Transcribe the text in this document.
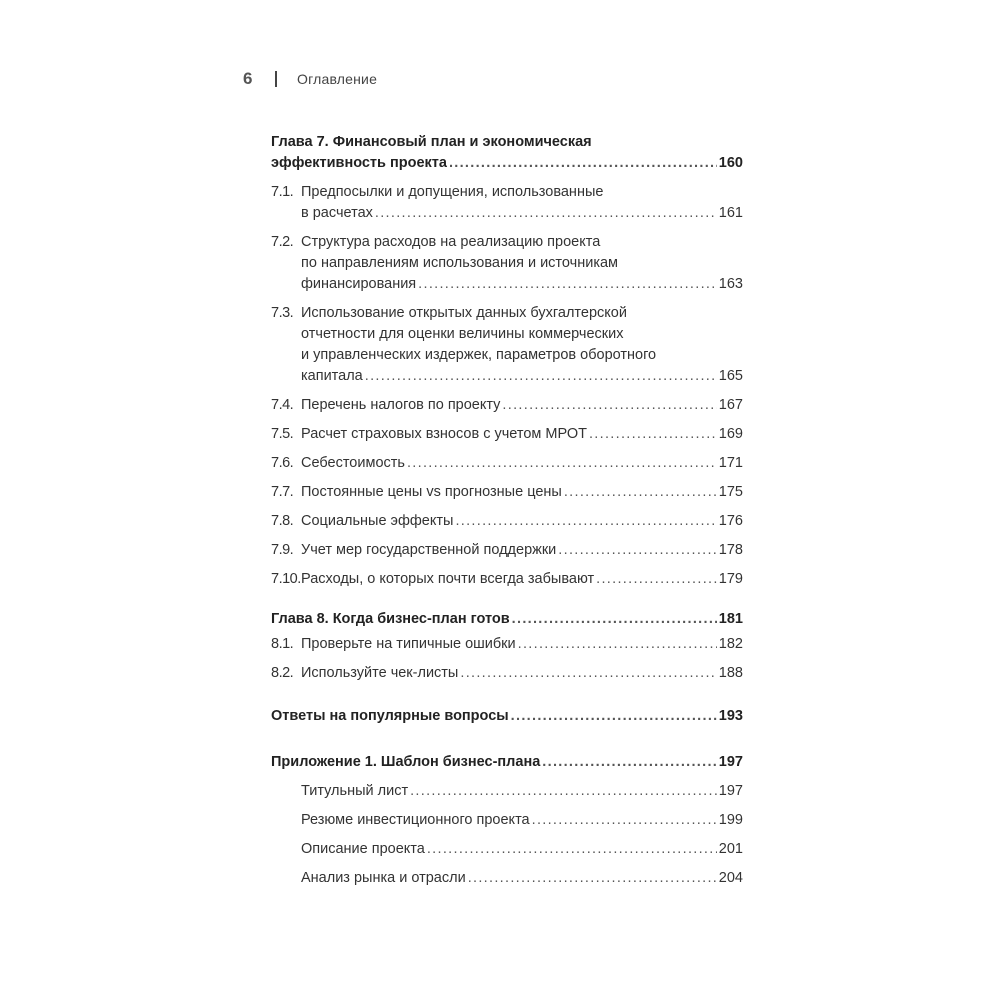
6	Оглавление
Глава 7. Финансовый план и экономическая
эффективность проекта .....	160
7.1. Предпосылки и допущения, использованные
в расчетах .....	161
7.2. Структура расходов на реализацию проекта
по направлениям использования и источникам
финансирования .....	163
7.3. Использование открытых данных бухгалтерской
отчетности для оценки величины коммерческих
и управленческих издержек, параметров оборотного
капитала .....	165
7.4. Перечень налогов по проекту .....	167
7.5. Расчет страховых взносов с учетом МРОТ .....	169
7.6. Себестоимость .....	171
7.7. Постоянные цены vs прогнозные цены .....	175
7.8. Социальные эффекты .....	176
7.9. Учет мер государственной поддержки .....	178
7.10. Расходы, о которых почти всегда забывают .....	179
Глава 8. Когда бизнес-план готов .....	181
8.1. Проверьте на типичные ошибки .....	182
8.2. Используйте чек-листы .....	188
Ответы на популярные вопросы .....	193
Приложение 1. Шаблон бизнес-плана .....	197
Титульный лист .....	197
Резюме инвестиционного проекта .....	199
Описание проекта .....	201
Анализ рынка и отрасли .....	204
